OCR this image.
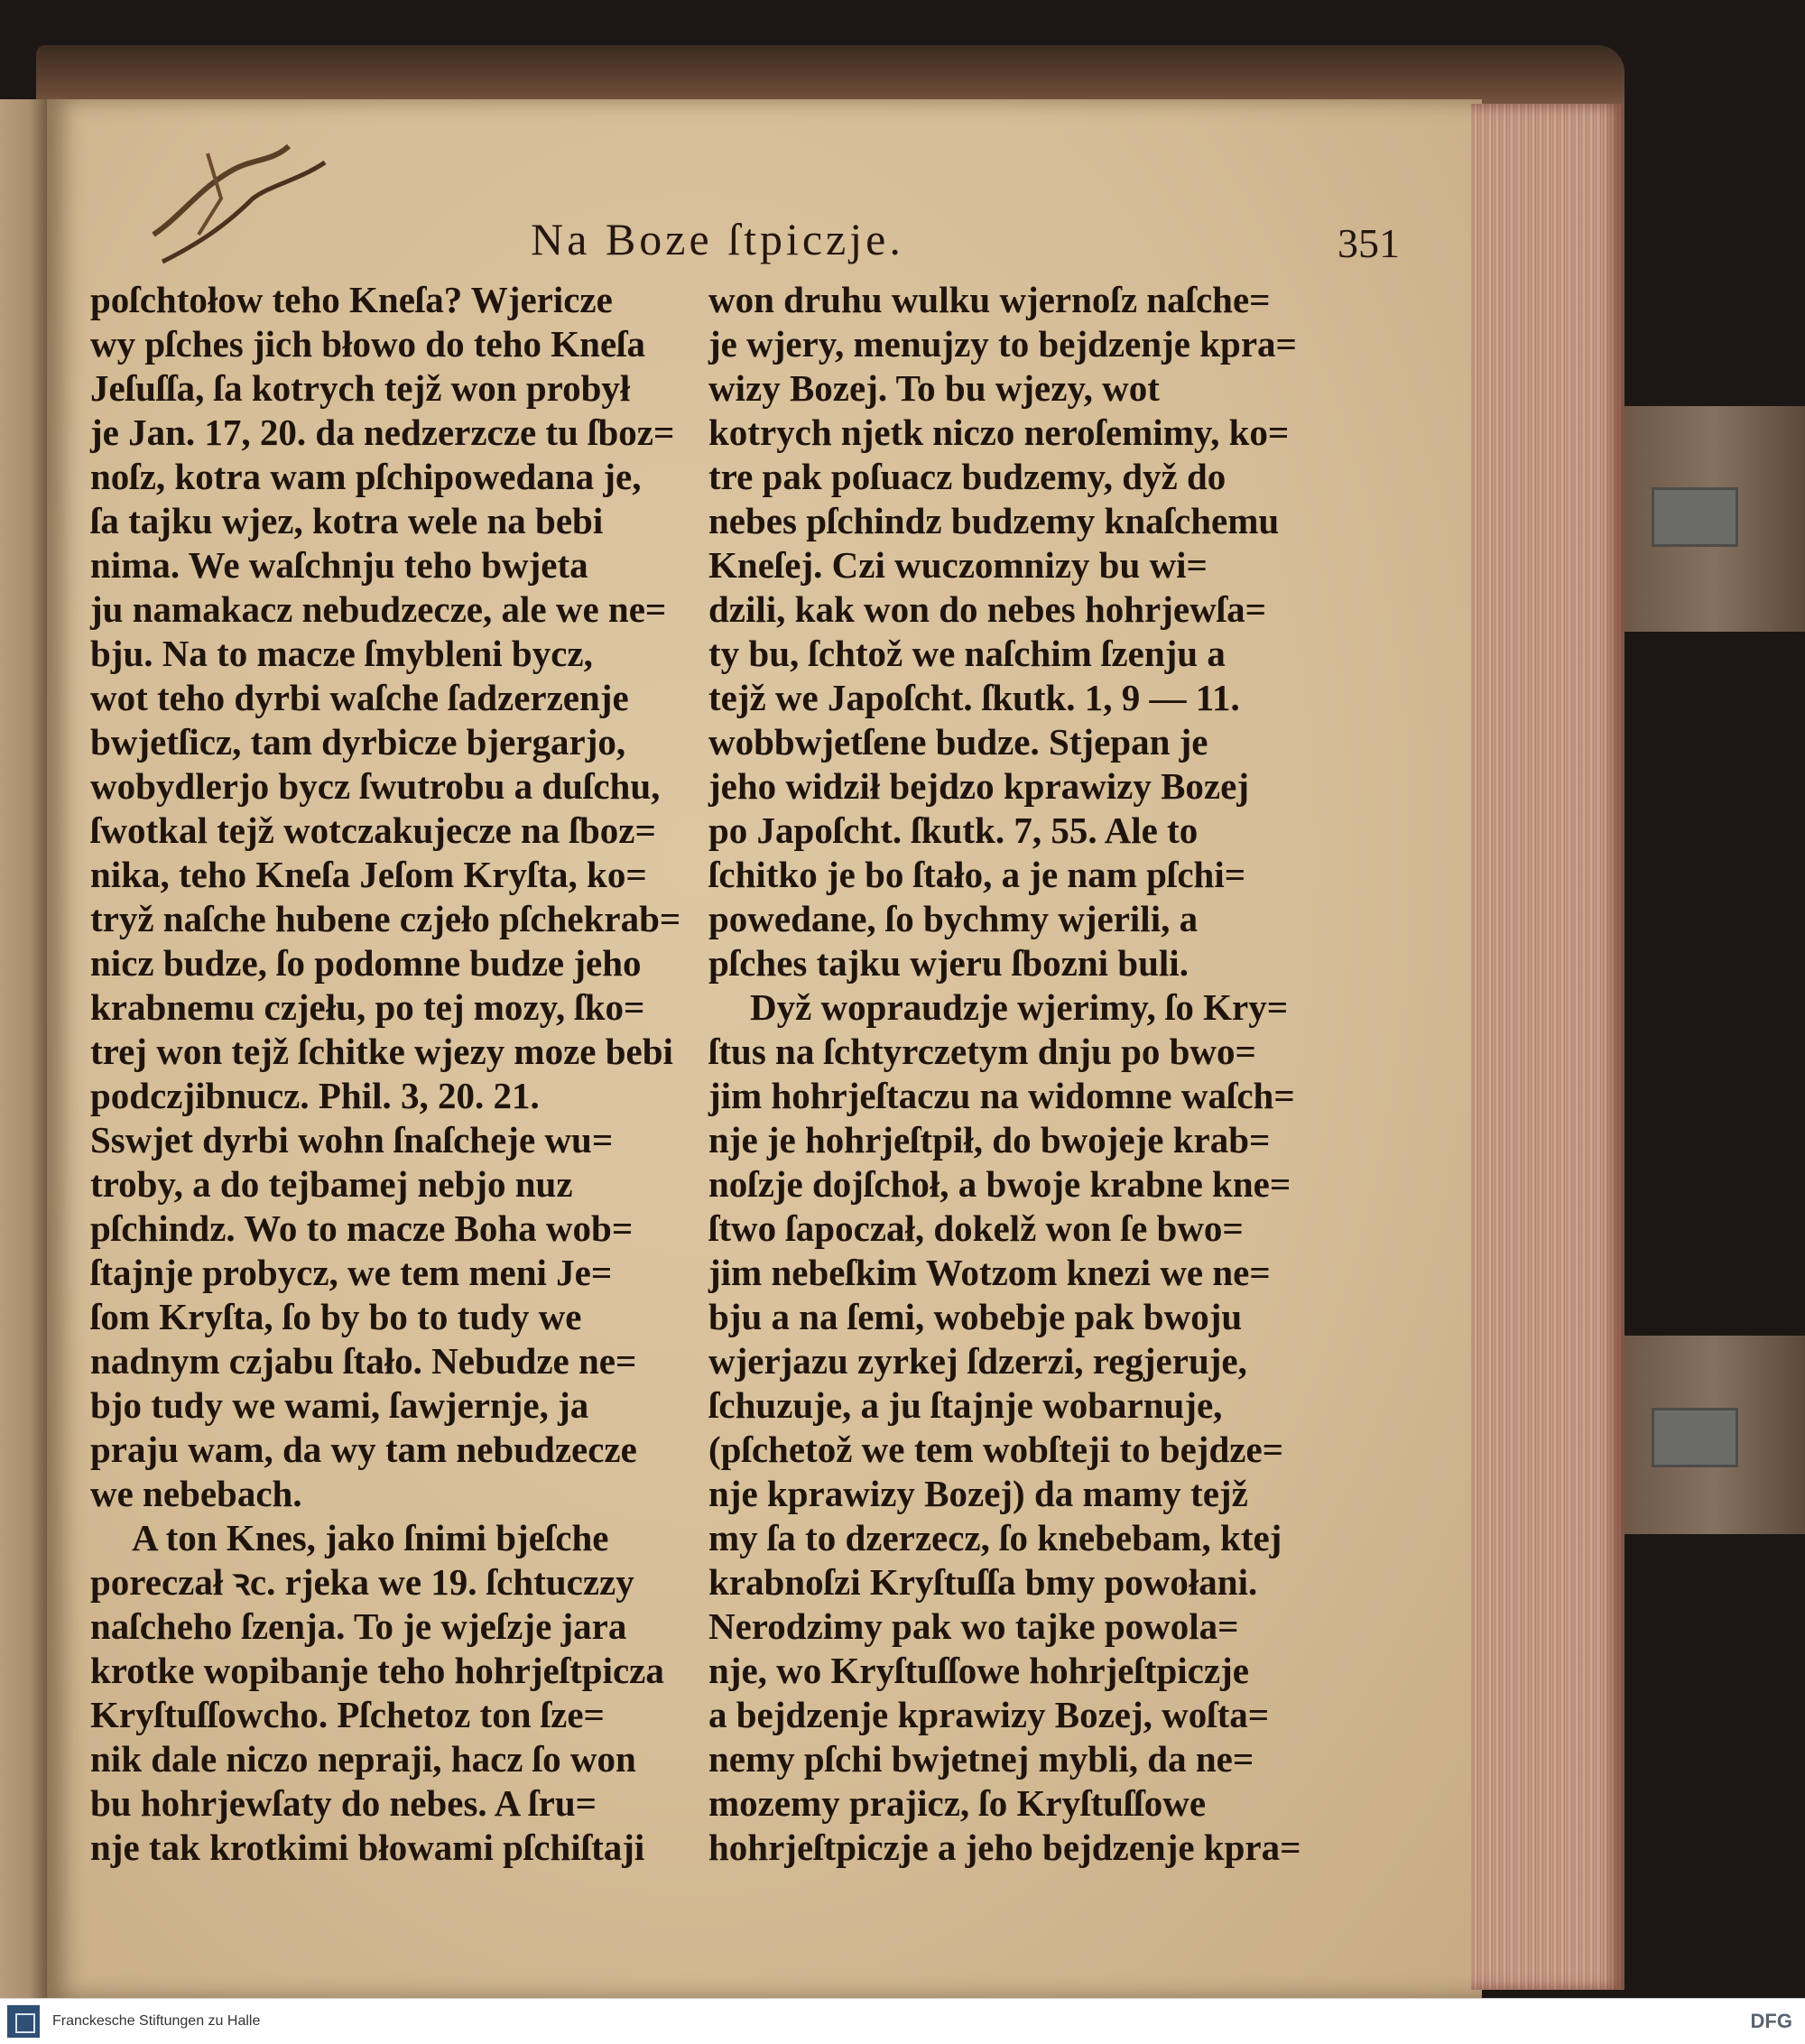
Na Boze ſtpiczje.	351
poſchtołow teho Kneſa? Wjericze
wy pſches jich błowo do teho Kneſa
Jeſuſſa, ſa kotrych tejž won probył
je Jan. 17, 20. da nedzerzcze tu ſboz=
noſz, kotra wam pſchipowedana je,
ſa tajku wjez, kotra wele na bebi
nima. We waſchnju teho bwjeta
ju namakacz nebudzecze, ale we ne=
bju. Na to macze ſmybleni bycz,
wot teho dyrbi waſche ſadzerzenje
bwjetſicz, tam dyrbicze bjergarjo,
wobydlerjo bycz ſwutrobu a duſchu,
ſwotkal tejž wotczakujecze na ſboz=
nika, teho Kneſa Jeſom Kryſta, ko=
tryž naſche hubene czjeło pſchekrab=
nicz budze, ſo podomne budze jeho
krabnemu czjełu, po tej mozy, ſko=
trej won tejž ſchitke wjezy moze bebi
podczjibnucz. Phil. 3, 20. 21.
Sswjet dyrbi wohn ſnaſcheje wu=
troby, a do tejbamej nebjo nuz
pſchindz. Wo to macze Boha wob=
ſtajnje probycz, we tem meni Je=
ſom Kryſta, ſo by bo to tudy we
nadnym czjabu ſtało. Nebudze ne=
bjo tudy we wami, ſawjernje, ja
praju wam, da wy tam nebudzecze
we nebebach.
A ton Knes, jako ſnimi bjeſche
poreczał ꝛc. rjeka we 19. ſchtuczzy
naſcheho ſzenja. To je wjeſzje jara
krotke wopibanje teho hohrjeſtpicza
Kryſtuſſowcho. Pſchetoz ton ſze=
nik dale niczo nepraji, hacz ſo won
bu hohrjewſaty do nebes. A ſru=
nje tak krotkimi błowami pſchiſtaji
won druhu wulku wjernoſz naſche=
je wjery, menujzy to bejdzenje kpra=
wizy Bozej. To bu wjezy, wot
kotrych njetk niczo neroſemimy, ko=
tre pak poſuacz budzemy, dyž do
nebes pſchindz budzemy knaſchemu
Kneſej. Czi wuczomnizy bu wi=
dzili, kak won do nebes hohrjewſa=
ty bu, ſchtož we naſchim ſzenju a
tejž we Japoſcht. ſkutk. 1, 9 — 11.
wobbwjetſene budze. Stjepan je
jeho widził bejdzo kprawizy Bozej
po Japoſcht. ſkutk. 7, 55. Ale to
ſchitko je bo ſtało, a je nam pſchi=
powedane, ſo bychmy wjerili, a
pſches tajku wjeru ſbozni buli.
Dyž wopraudzje wjerimy, ſo Kry=
ſtus na ſchtyrczetym dnju po bwo=
jim hohrjeſtaczu na widomne waſch=
nje je hohrjeſtpił, do bwojeje krab=
noſzje dojſchoł, a bwoje krabne kne=
ſtwo ſapoczał, dokelž won ſe bwo=
jim nebeſkim Wotzom knezi we ne=
bju a na ſemi, wobebje pak bwoju
wjerjazu zyrkej ſdzerzi, regjeruje,
ſchuzuje, a ju ſtajnje wobarnuje,
(pſchetož we tem wobſteji to bejdze=
nje kprawizy Bozej) da mamy tejž
my ſa to dzerzecz, ſo knebebam, ktej
krabnoſzi Kryſtuſſa bmy powołani.
Nerodzimy pak wo tajke powola=
nje, wo Kryſtuſſowe hohrjeſtpiczje
a bejdzenje kprawizy Bozej, woſta=
nemy pſchi bwjetnej mybli, da ne=
mozemy prajicz, ſo Kryſtuſſowe
hohrjeſtpiczje a jeho bejdzenje kpra=
Franckesche Stiftungen zu Halle	DFG
